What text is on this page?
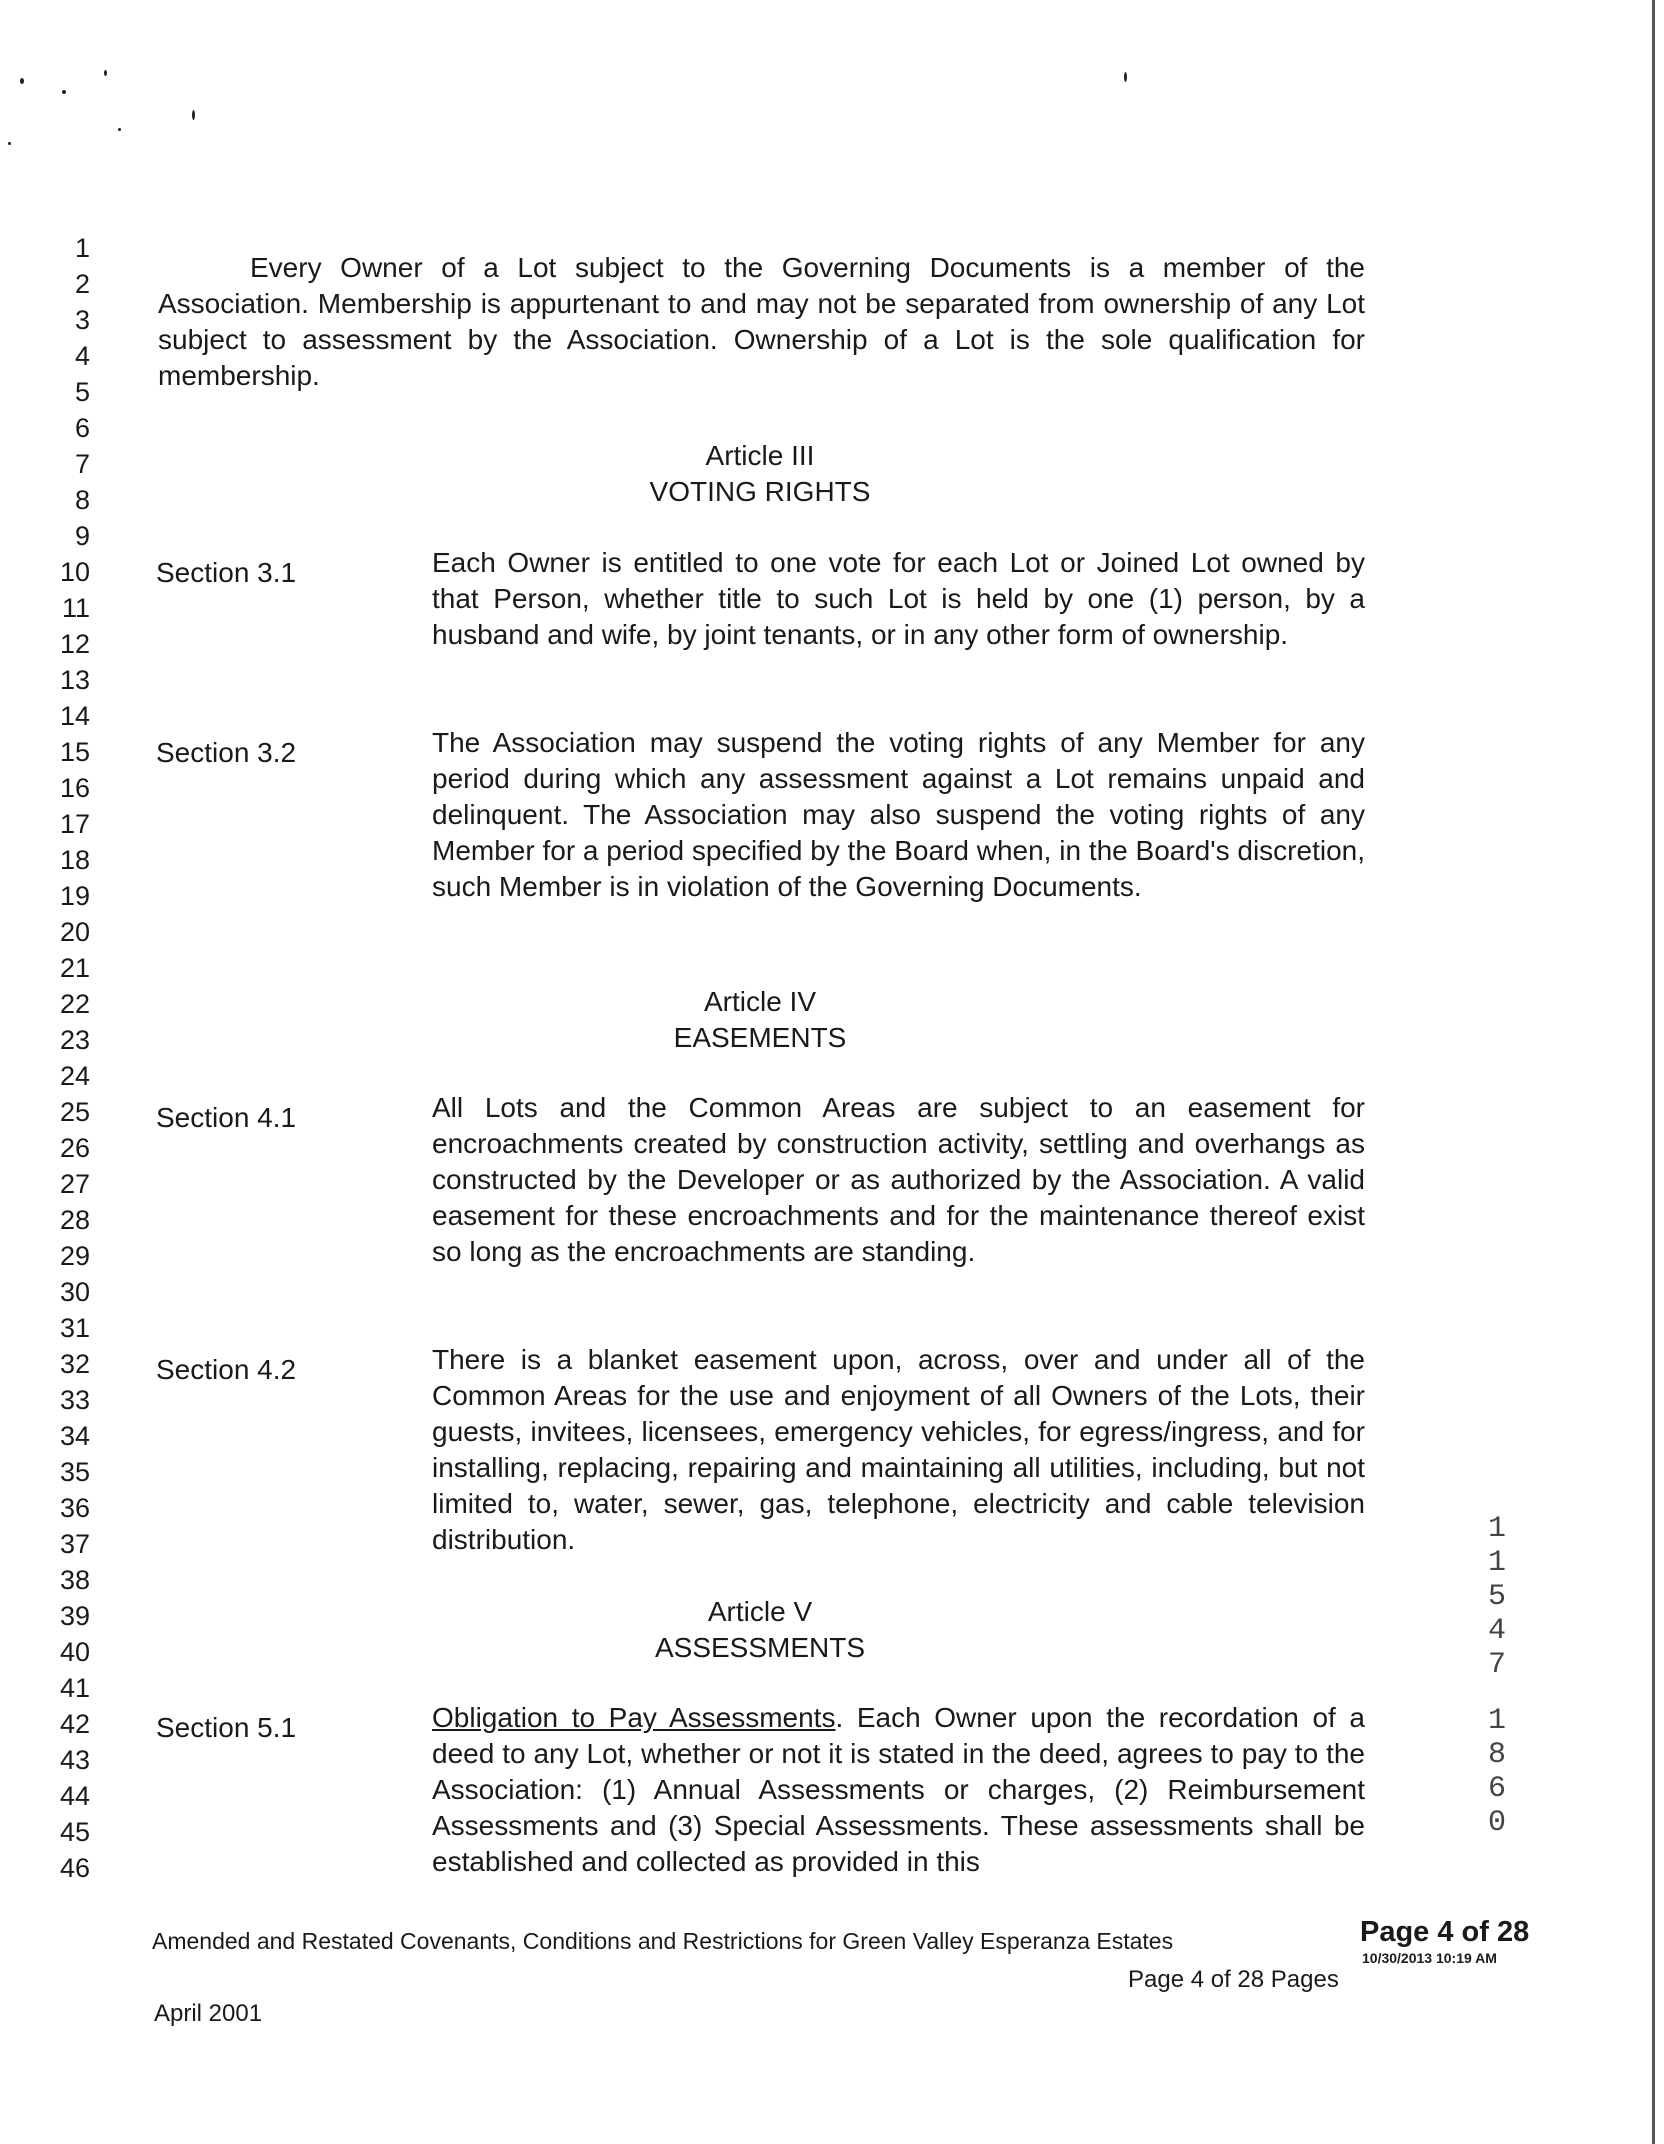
1
2
3
4
5
6
7
8
9
10
11
12
13
14
15
16
17
18
19
20
21
22
23
24
25
26
27
28
29
30
31
32
33
34
35
36
37
38
39
40
41
42
43
44
45
46
Every Owner of a Lot subject to the Governing Documents is a member of the Association. Membership is appurtenant to and may not be separated from ownership of any Lot subject to assessment by the Association. Ownership of a Lot is the sole qualification for membership.
Article III
VOTING RIGHTS
Section 3.1	Each Owner is entitled to one vote for each Lot or Joined Lot owned by that Person, whether title to such Lot is held by one (1) person, by a husband and wife, by joint tenants, or in any other form of ownership.
Section 3.2	The Association may suspend the voting rights of any Member for any period during which any assessment against a Lot remains unpaid and delinquent. The Association may also suspend the voting rights of any Member for a period specified by the Board when, in the Board's discretion, such Member is in violation of the Governing Documents.
Article IV
EASEMENTS
Section 4.1	All Lots and the Common Areas are subject to an easement for encroachments created by construction activity, settling and overhangs as constructed by the Developer or as authorized by the Association. A valid easement for these encroachments and for the maintenance thereof exist so long as the encroachments are standing.
Section 4.2	There is a blanket easement upon, across, over and under all of the Common Areas for the use and enjoyment of all Owners of the Lots, their guests, invitees, licensees, emergency vehicles, for egress/ingress, and for installing, replacing, repairing and maintaining all utilities, including, but not limited to, water, sewer, gas, telephone, electricity and cable television distribution.
Article V
ASSESSMENTS
Section 5.1	Obligation to Pay Assessments. Each Owner upon the recordation of a deed to any Lot, whether or not it is stated in the deed, agrees to pay to the Association: (1) Annual Assessments or charges, (2) Reimbursement Assessments and (3) Special Assessments. These assessments shall be established and collected as provided in this
1
1
5
4
7
1
8
6
0
Amended and Restated Covenants, Conditions and Restrictions for Green Valley Esperanza Estates	Page 4 of 28
10/30/2013 10:19 AM
Page 4 of 28 Pages
April 2001
